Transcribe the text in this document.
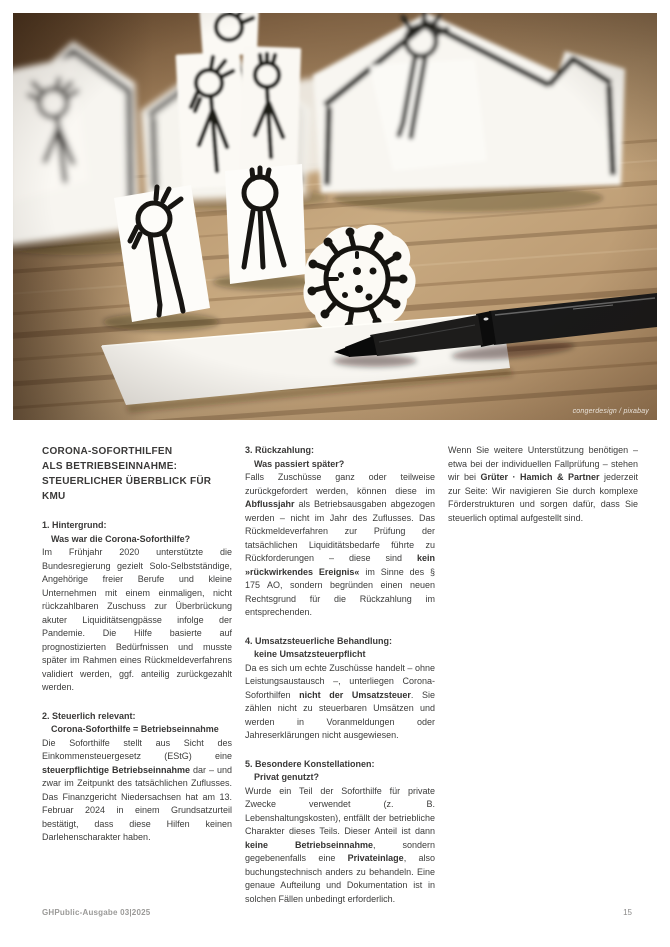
congerdesign / pixabay
CORONA-SOFORTHILFEN
ALS BETRIEBSEINNAHME:
STEUERLICHER ÜBERBLICK FÜR KMU
1. Hintergrund:
Was war die Corona-Soforthilfe?

Im Frühjahr 2020 unterstützte die Bundesregierung gezielt Solo-Selbstständige, Angehörige freier Berufe und kleine Unternehmen mit einem einmaligen, nicht rückzahlbaren Zuschuss zur Überbrückung akuter Liquiditätsengpässe infolge der Pandemie. Die Hilfe basierte auf prognostizierten Bedürfnissen und musste später im Rahmen eines Rückmeldeverfahrens validiert werden, ggf. anteilig zurückgezahlt werden.

2. Steuerlich relevant:
Corona-Soforthilfe = Betriebseinnahme

Die Soforthilfe stellt aus Sicht des Einkommensteuergesetz (EStG) eine steuerpflichtige Betriebseinnahme dar – und zwar im Zeitpunkt des tatsächlichen Zuflusses. Das Finanzgericht Niedersachsen hat am 13. Februar 2024 in einem Grundsatzurteil bestätigt, dass diese Hilfen keinen Darlehenscharakter haben.

3. Rückzahlung:
Was passiert später?

Falls Zuschüsse ganz oder teilweise zurückgefordert werden, können diese im Abflussjahr als Betriebsausgaben abgezogen werden – nicht im Jahr des Zuflusses. Das Rückmeldeverfahren zur Prüfung der tatsächlichen Liquiditätsbedarfe führte zu Rückforderungen – diese sind kein »rückwirkendes Ereignis« im Sinne des § 175 AO, sondern begründen einen neuen Rechtsgrund für die Rückzahlung im entsprechenden.

4. Umsatzsteuerliche Behandlung:
keine Umsatzsteuerpflicht

Da es sich um echte Zuschüsse handelt – ohne Leistungsaustausch –, unterliegen Corona-Soforthilfen nicht der Umsatzsteuer. Sie zählen nicht zu steuerbaren Umsätzen und werden in Voranmeldungen oder Jahreserklärungen nicht ausgewiesen.

5. Besondere Konstellationen:
Privat genutzt?

Wurde ein Teil der Soforthilfe für private Zwecke verwendet (z. B. Lebenshaltungskosten), entfällt der betriebliche Charakter dieses Teils. Dieser Anteil ist dann keine Betriebseinnahme, sondern gegebenenfalls eine Privateinlage, also buchungstechnisch anders zu behandeln. Eine genaue Aufteilung und Dokumentation ist in solchen Fällen unbedingt erforderlich.

Wenn Sie weitere Unterstützung benötigen – etwa bei der individuellen Fallprüfung – stehen wir bei Grüter · Hamich & Partner jederzeit zur Seite: Wir navigieren Sie durch komplexe Förderstrukturen und sorgen dafür, dass Sie steuerlich optimal aufgestellt sind.

GHPublic-Ausgabe 03|2025	15
